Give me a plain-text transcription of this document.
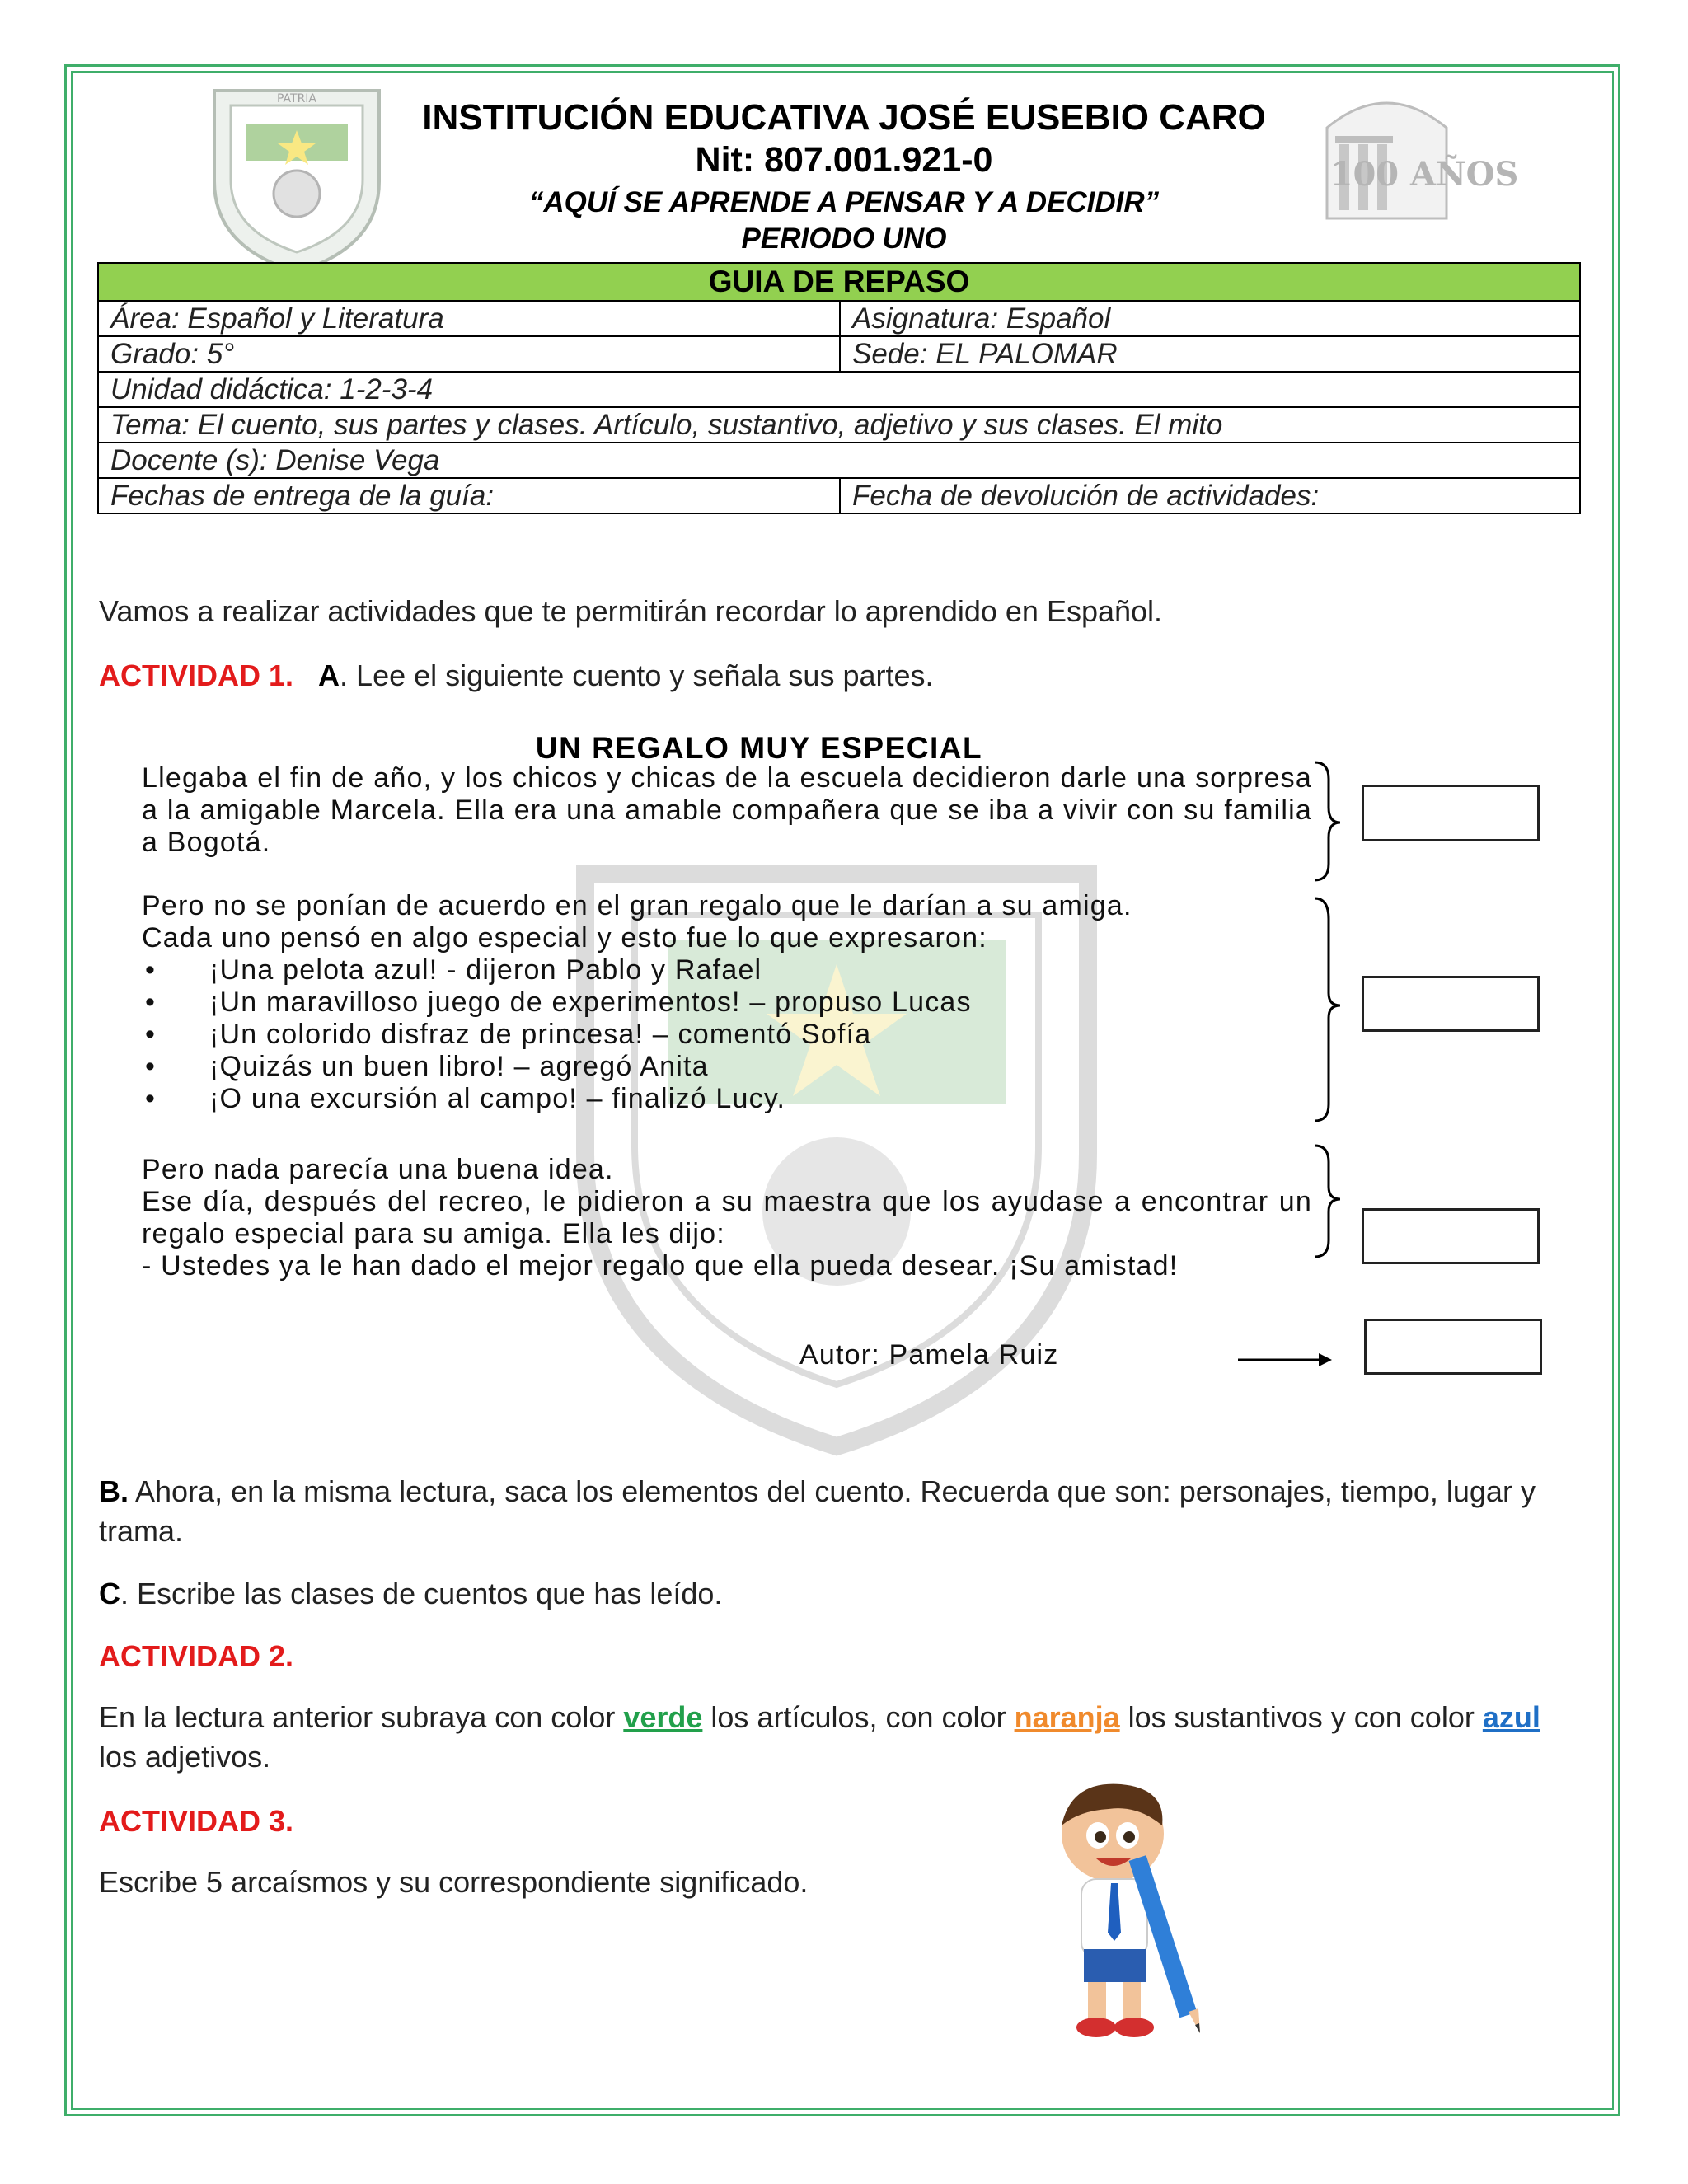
PATRIA
100 AÑOS
INSTITUCIÓN EDUCATIVA JOSÉ EUSEBIO CARO
Nit: 807.001.921-0
“AQUÍ SE APRENDE A PENSAR Y A DECIDIR”
PERIODO UNO
GUIA DE REPASO	
Área: Español y Literatura	Asignatura: Español
Grado: 5°	Sede: EL PALOMAR
Unidad didáctica: 1-2-3-4	
Tema: El cuento, sus partes y clases. Artículo, sustantivo, adjetivo y sus clases. El mito	
Docente (s): Denise Vega	
Fechas de entrega de la guía:	Fecha de devolución de actividades:
Vamos a realizar actividades que te permitirán recordar lo aprendido en Español.
ACTIVIDAD 1. A. Lee el siguiente cuento y señala sus partes.
UN REGALO MUY ESPECIAL
Llegaba el fin de año, y los chicos y chicas de la escuela decidieron darle una sorpresa a la amigable Marcela. Ella era una amable compañera que se iba a vivir con su familia a Bogotá.
Pero no se ponían de acuerdo en el gran regalo que le darían a su amiga.
Cada uno pensó en algo especial y esto fue lo que expresaron:
• ¡Una pelota azul! - dijeron Pablo y Rafael
• ¡Un maravilloso juego de experimentos! – propuso Lucas
• ¡Un colorido disfraz de princesa! – comentó Sofía
• ¡Quizás un buen libro! – agregó Anita
• ¡O una excursión al campo! – finalizó Lucy.
Pero nada parecía una buena idea.
Ese día, después del recreo, le pidieron a su maestra que los ayudase a encontrar un regalo especial para su amiga. Ella les dijo:
- Ustedes ya le han dado el mejor regalo que ella pueda desear. ¡Su amistad!
Autor: Pamela Ruiz
B. Ahora, en la misma lectura, saca los elementos del cuento. Recuerda que son: personajes, tiempo, lugar y trama.
C. Escribe las clases de cuentos que has leído.
ACTIVIDAD 2.
En la lectura anterior subraya con color verde los artículos, con color naranja los sustantivos y con color azul los adjetivos.
ACTIVIDAD 3.
Escribe 5 arcaísmos y su correspondiente significado.
